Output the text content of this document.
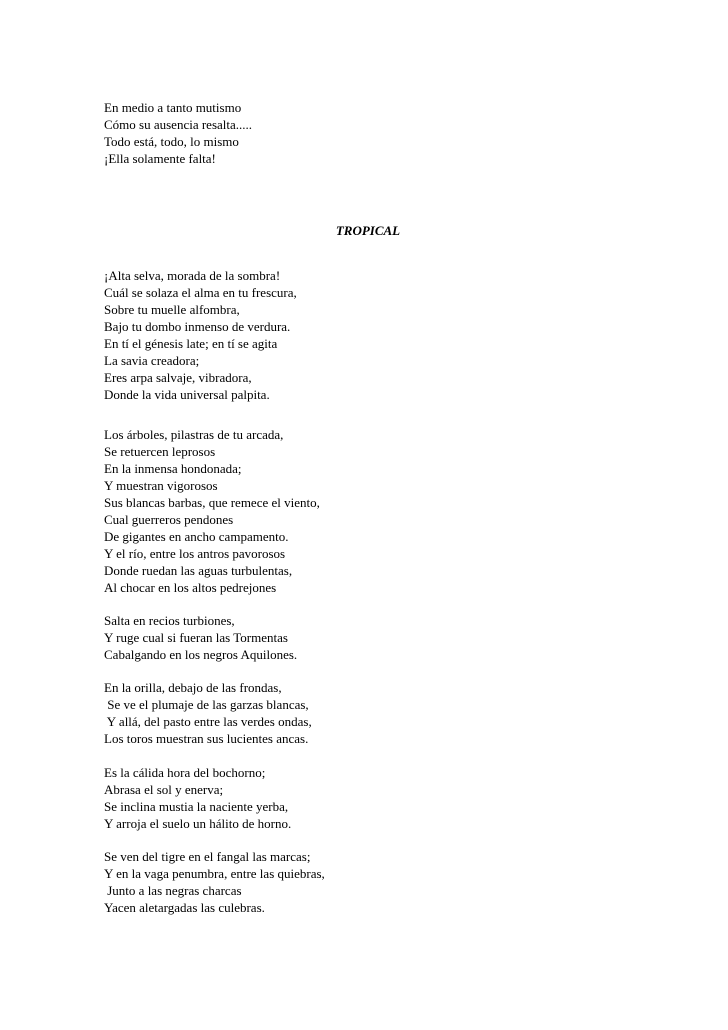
En medio a tanto mutismo
Cómo su ausencia resalta.....
Todo está, todo, lo mismo
¡Ella solamente falta!
TROPICAL
¡Alta selva, morada de la sombra!
Cuál se solaza el alma en tu frescura,
Sobre tu muelle alfombra,
Bajo tu dombo inmenso de verdura.
En tí el génesis late; en tí se agita
La savia creadora;
Eres arpa salvaje, vibradora,
Donde la vida universal palpita.
Los árboles, pilastras de tu arcada,
Se retuercen leprosos
En la inmensa hondonada;
Y muestran vigorosos
Sus blancas barbas, que remece el viento,
Cual guerreros pendones
De gigantes en ancho campamento.
Y el río, entre los antros pavorosos
Donde ruedan las aguas turbulentas,
Al chocar en los altos pedrejones
Salta en recios turbiones,
Y ruge cual si fueran las Tormentas
Cabalgando en los negros Aquilones.
En la orilla, debajo de las frondas,
Se ve el plumaje de las garzas blancas,
Y allá, del pasto entre las verdes ondas,
Los toros muestran sus lucientes ancas.
Es la cálida hora del bochorno;
Abrasa el sol y enerva;
Se inclina mustia la naciente yerba,
Y arroja el suelo un hálito de horno.
Se ven del tigre en el fangal las marcas;
Y en la vaga penumbra, entre las quiebras,
Junto a las negras charcas
Yacen aletargadas las culebras.
